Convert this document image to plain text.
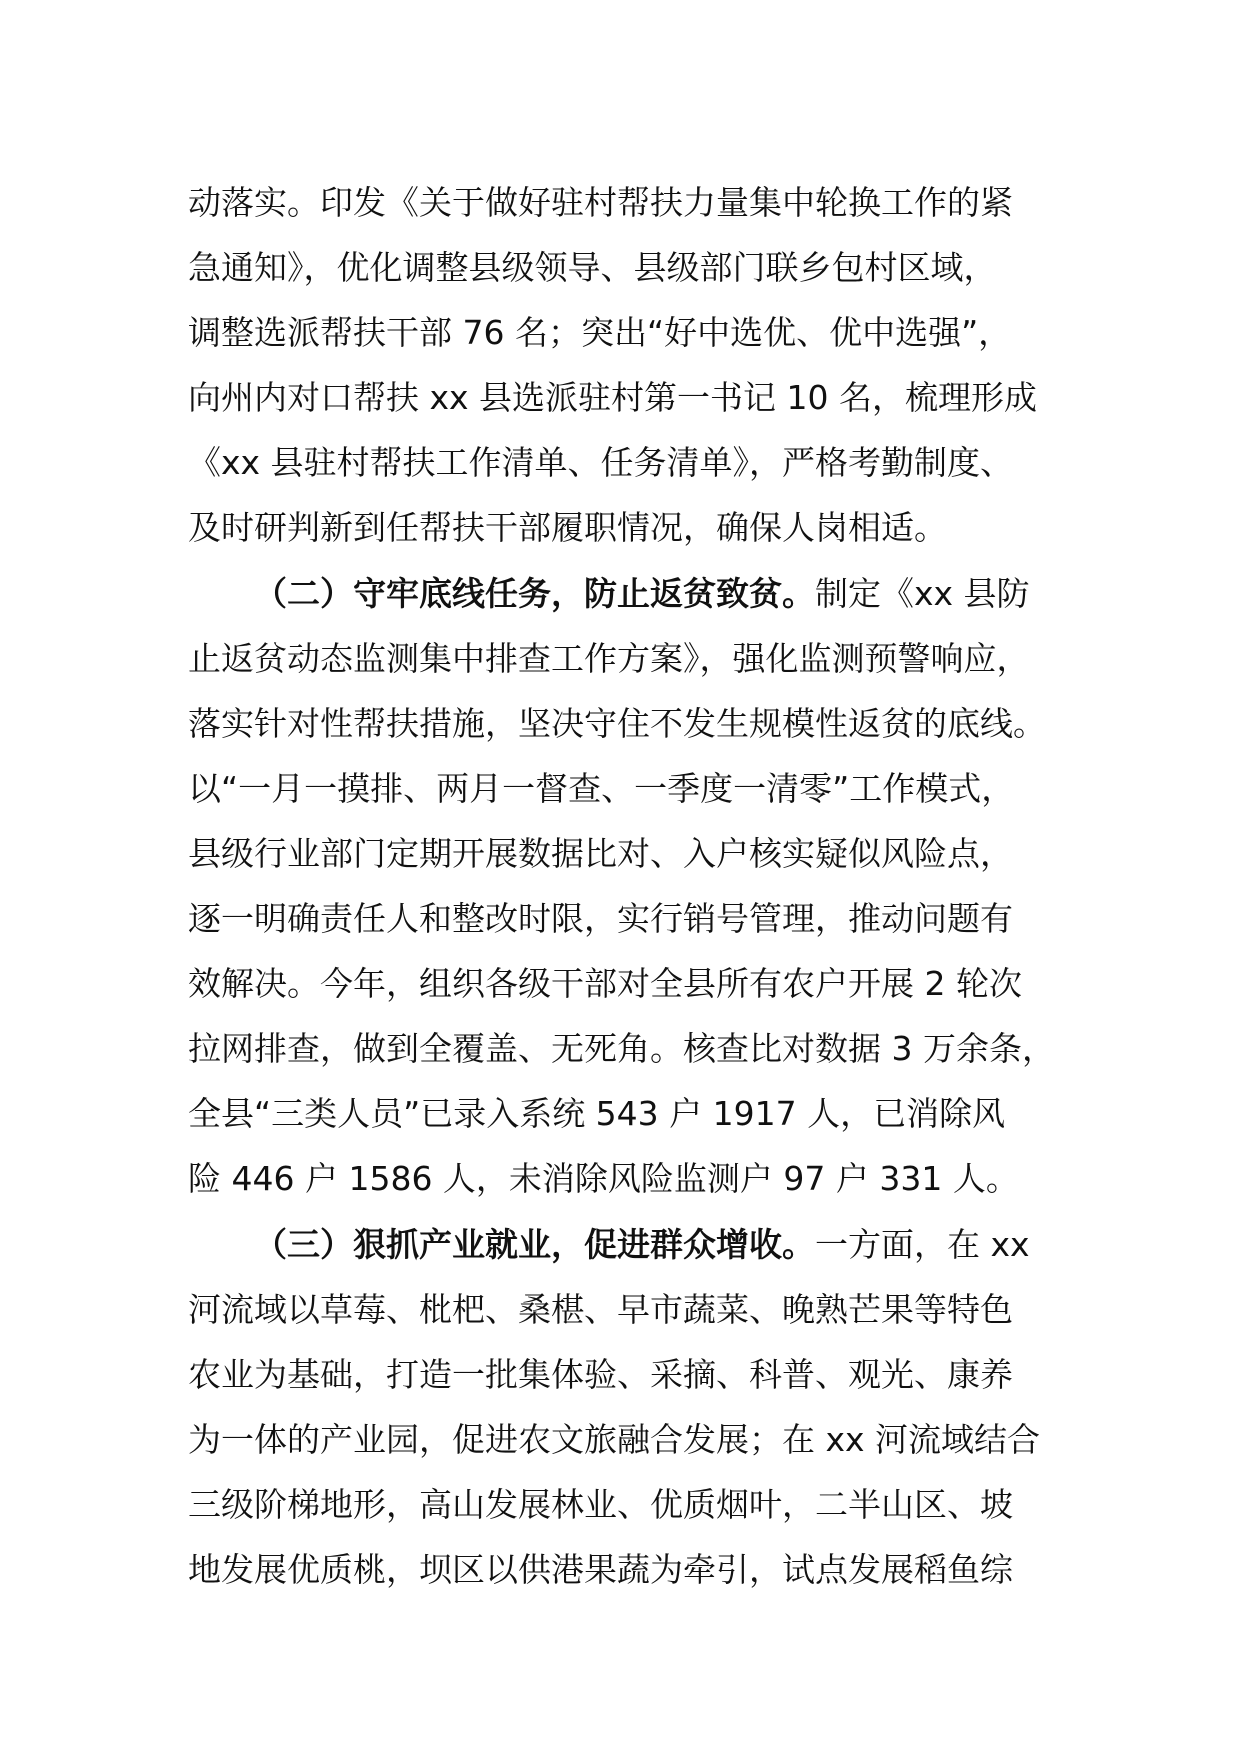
动落实。印发《关于做好驻村帮扶力量集中轮换工作的紧
急通知》，优化调整县级领导、县级部门联乡包村区域，
调整选派帮扶干部 76 名；突出“好中选优、优中选强”，
向州内对口帮扶 xx 县选派驻村第一书记 10 名，梳理形成
《xx 县驻村帮扶工作清单、任务清单》，严格考勤制度、
及时研判新到任帮扶干部履职情况，确保人岗相适。
（二）守牢底线任务，防止返贫致贫。制定《xx 县防
止返贫动态监测集中排查工作方案》，强化监测预警响应，
落实针对性帮扶措施，坚决守住不发生规模性返贫的底线。
以“一月一摸排、两月一督查、一季度一清零”工作模式，
县级行业部门定期开展数据比对、入户核实疑似风险点，
逐一明确责任人和整改时限，实行销号管理，推动问题有
效解决。今年，组织各级干部对全县所有农户开展 2 轮次
拉网排查，做到全覆盖、无死角。核查比对数据 3 万余条，
全县“三类人员”已录入系统 543 户 1917 人，已消除风
险 446 户 1586 人，未消除风险监测户 97 户 331 人。
（三）狠抓产业就业，促进群众增收。一方面，在 xx
河流域以草莓、枇杷、桑椹、早市蔬菜、晚熟芒果等特色
农业为基础，打造一批集体验、采摘、科普、观光、康养
为一体的产业园，促进农文旅融合发展；在 xx 河流域结合
三级阶梯地形，高山发展林业、优质烟叶，二半山区、坡
地发展优质桃，坝区以供港果蔬为牵引，试点发展稻鱼综
